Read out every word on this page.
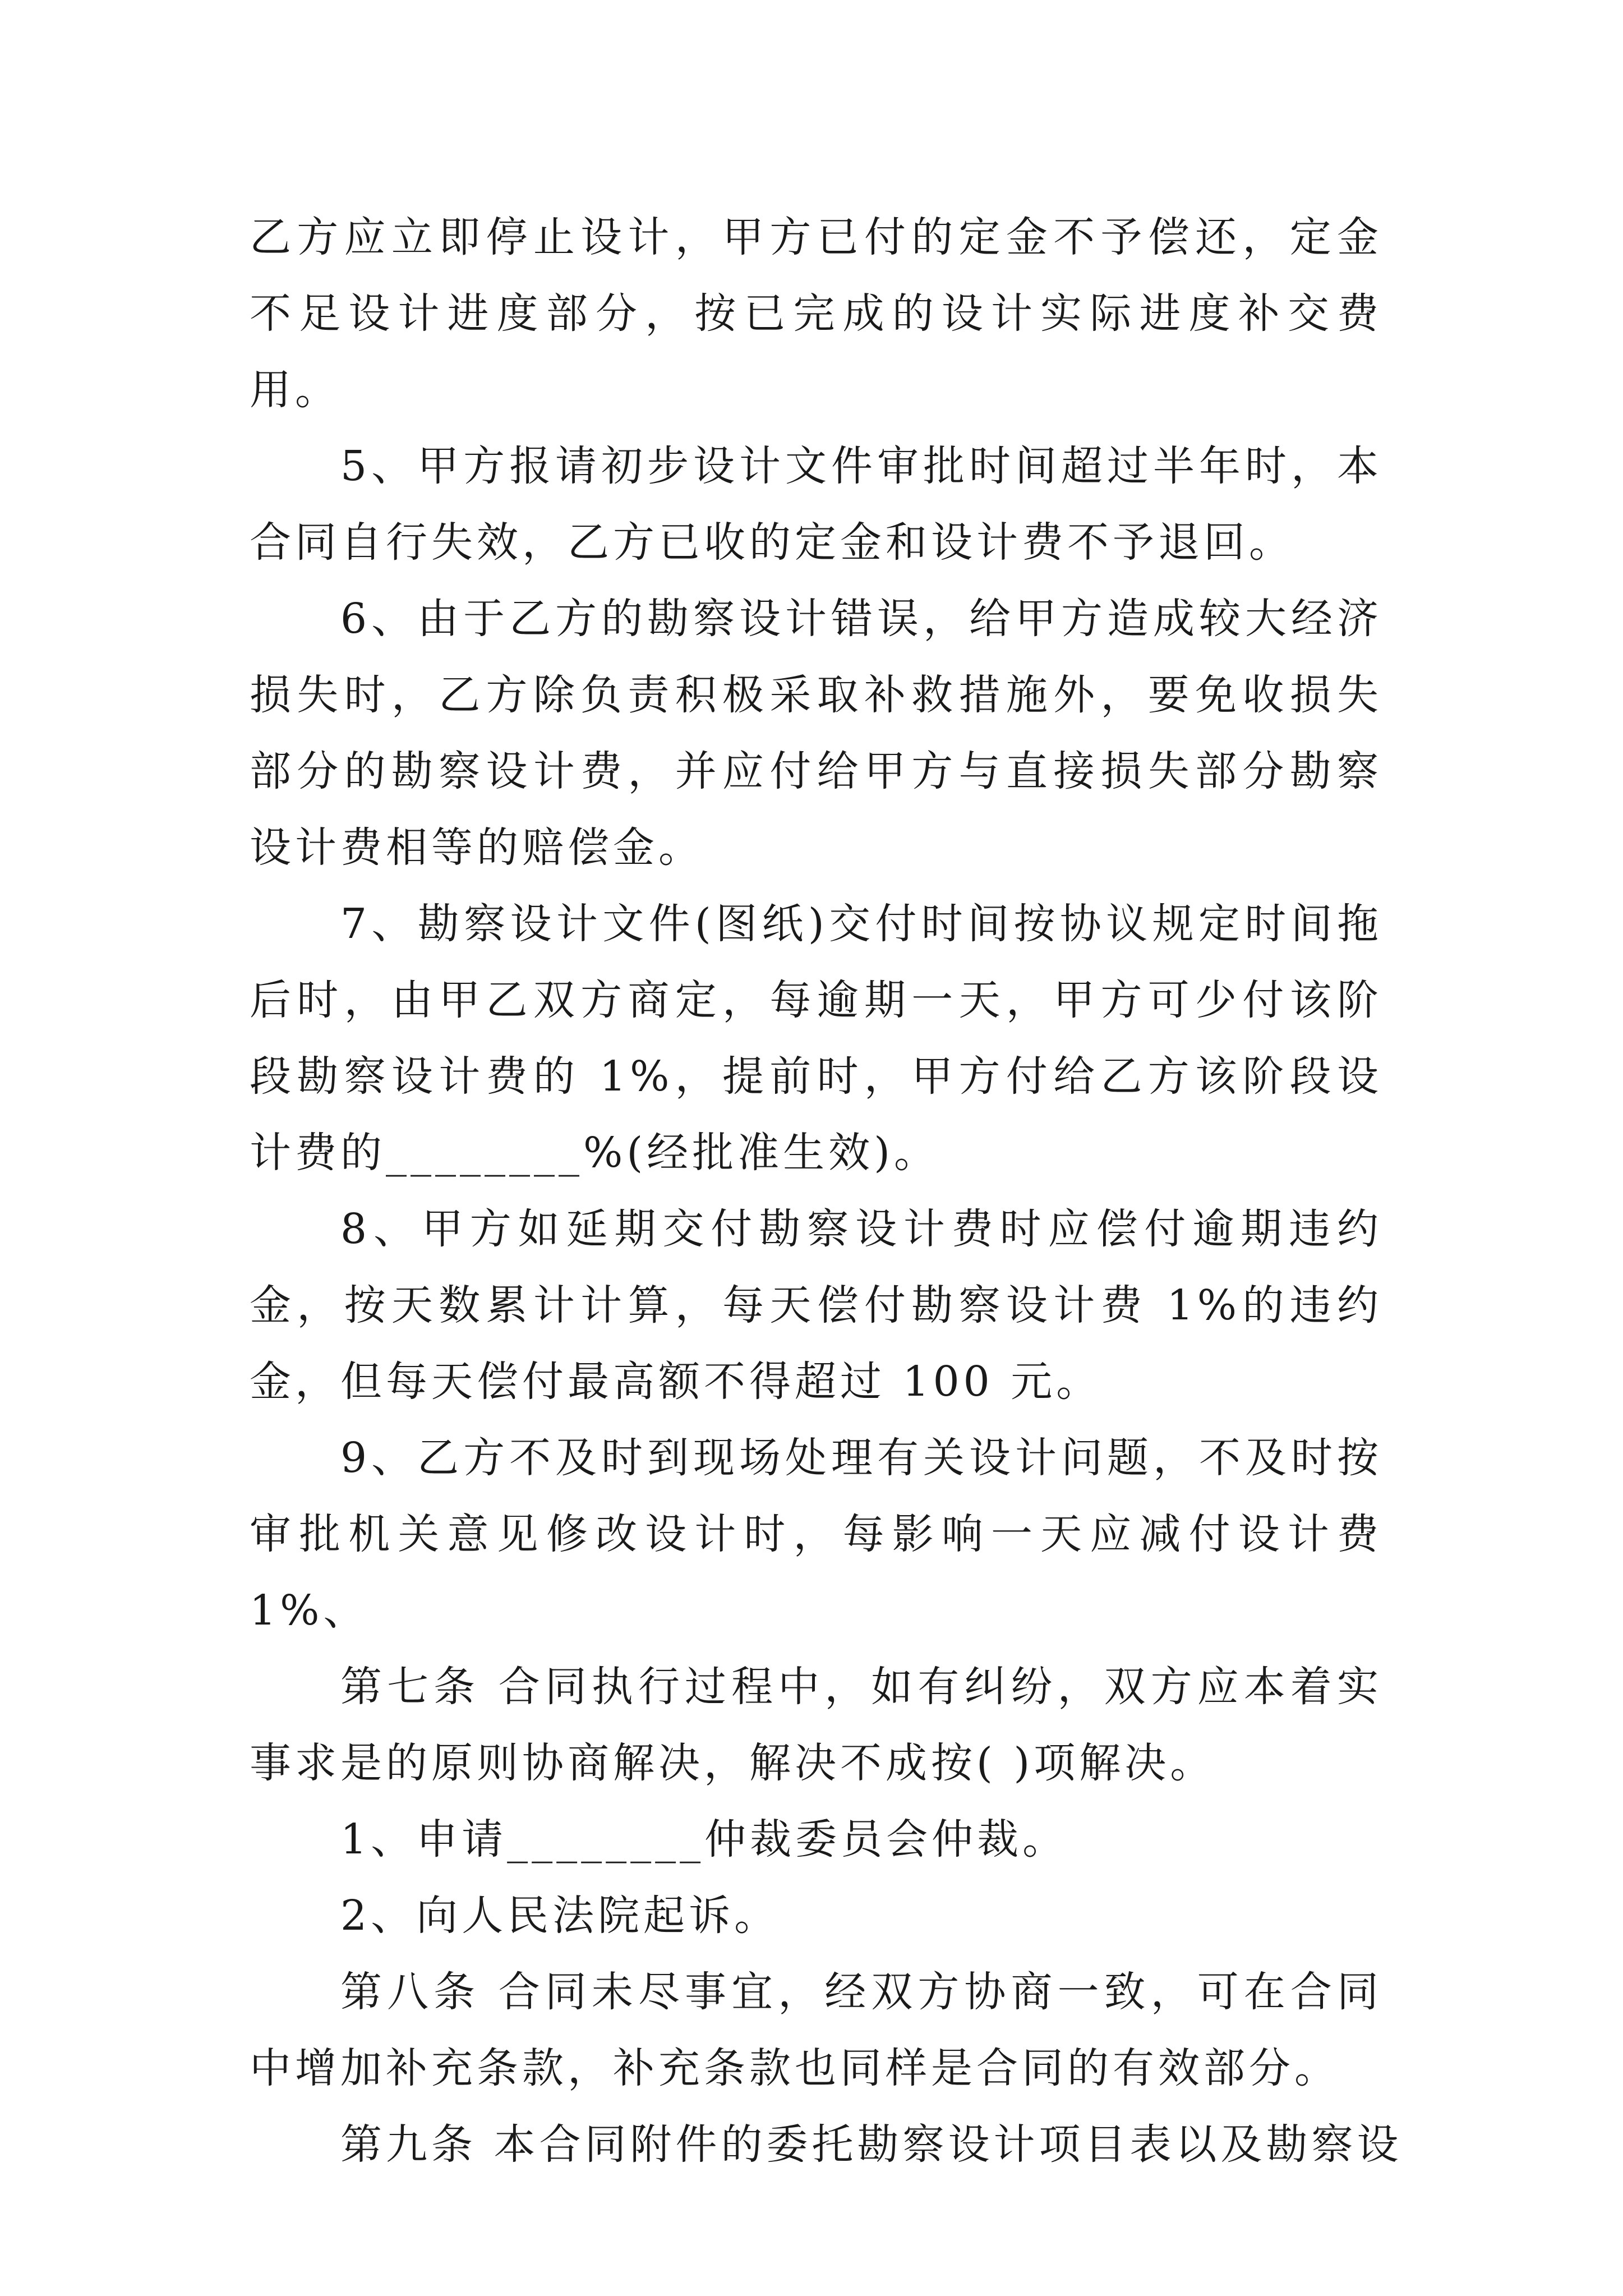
乙方应立即停止设计，甲方已付的定金不予偿还，定金不足设计进度部分，按已完成的设计实际进度补交费用。

5、甲方报请初步设计文件审批时间超过半年时，本合同自行失效，乙方已收的定金和设计费不予退回。

6、由于乙方的勘察设计错误，给甲方造成较大经济损失时，乙方除负责积极采取补救措施外，要免收损失部分的勘察设计费，并应付给甲方与直接损失部分勘察设计费相等的赔偿金。

7、勘察设计文件(图纸)交付时间按协议规定时间拖后时，由甲乙双方商定，每逾期一天，甲方可少付该阶段勘察设计费的 1%，提前时，甲方付给乙方该阶段设计费的________%(经批准生效)。

8、甲方如延期交付勘察设计费时应偿付逾期违约金，按天数累计计算，每天偿付勘察设计费 1%的违约金，但每天偿付最高额不得超过 100 元。

9、乙方不及时到现场处理有关设计问题，不及时按审批机关意见修改设计时，每影响一天应减付设计费 1%、

第七条 合同执行过程中，如有纠纷，双方应本着实事求是的原则协商解决，解决不成按( )项解决。

1、申请________仲裁委员会仲裁。

2、向人民法院起诉。

第八条 合同未尽事宜，经双方协商一致，可在合同中增加补充条款，补充条款也同样是合同的有效部分。

第九条 本合同附件的委托勘察设计项目表以及勘察设
